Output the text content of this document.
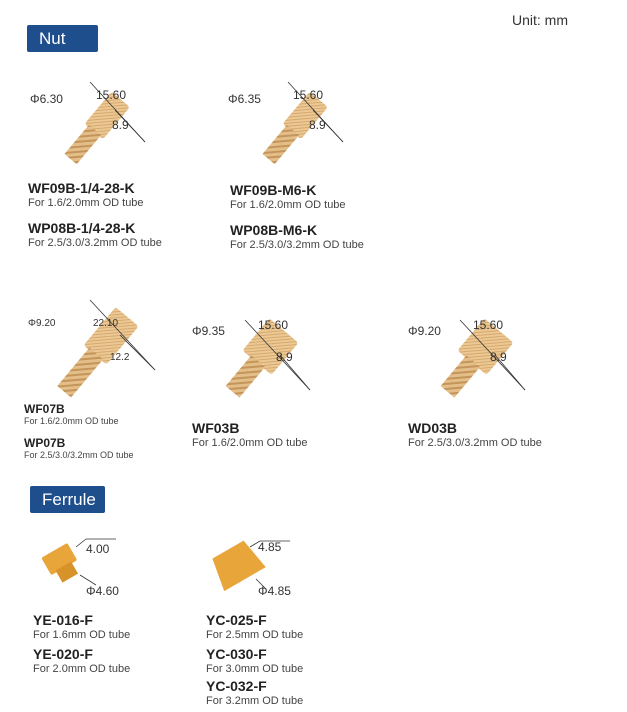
Nut
Unit: mm
Φ6.30	15.60
8.9
WF09B-1/4-28-K
For 1.6/2.0mm OD tube
WP08B-1/4-28-K
For 2.5/3.0/3.2mm OD tube
Φ6.35	15.60
8.9
WF09B-M6-K
For 1.6/2.0mm OD tube
WP08B-M6-K
For 2.5/3.0/3.2mm OD tube
Φ9.20	22.10
12.2
WF07B
For 1.6/2.0mm OD tube
WP07B
For 2.5/3.0/3.2mm OD tube
Φ9.35	15.60
8.9
WF03B
For 1.6/2.0mm OD tube
Φ9.20	15.60
8.9
WD03B
For 2.5/3.0/3.2mm OD tube
Ferrule
4.00
Φ4.60
YE-016-F
For 1.6mm OD tube
YE-020-F
For 2.0mm OD tube
4.85
Φ4.85
YC-025-F
For 2.5mm OD tube
YC-030-F
For 3.0mm OD tube
YC-032-F
For 3.2mm OD tube
